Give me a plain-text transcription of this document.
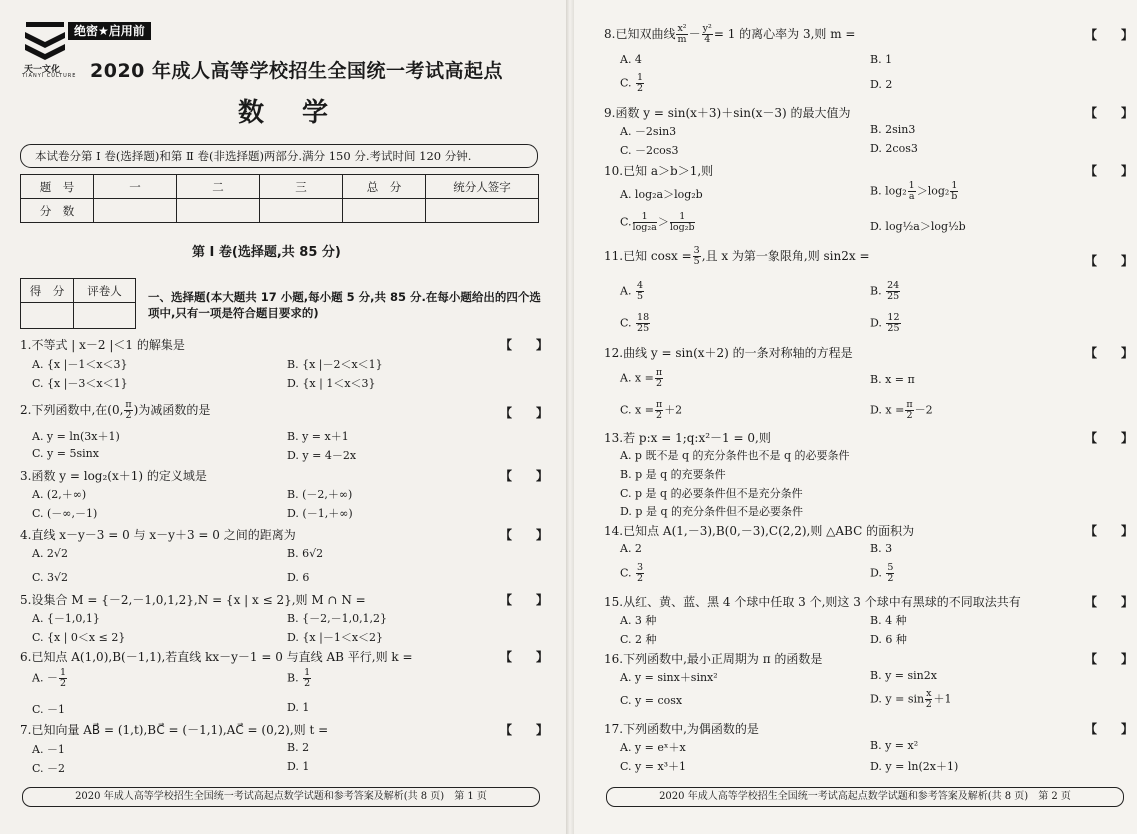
天一文化
TIANYI CULTURE
绝密★启用前
2020 年成人高等学校招生全国统一考试高起点
数学
本试卷分第 Ⅰ 卷(选择题)和第 Ⅱ 卷(非选择题)两部分.满分 150 分.考试时间 120 分钟.
题　号	一	二	三	总　分	统分人签字
分　数					
第 Ⅰ 卷(选择题,共 85 分)
得　分	评卷人
	一、选择题(本大题共 17 小题,每小题 5 分,共 85 分.在每小题给出的四个选项中,只有一项是符合题目要求的)
1.不等式 | x－2 |＜1 的解集是	【　　】
A. {x |－1＜x＜3}	B. {x |－2＜x＜1}
C. {x |－3＜x＜1}	D. {x | 1＜x＜3}
2.下列函数中,在(0, $\frac{\pi}{2}$ )为减函数的是	【　　】
A. y = ln(3x＋1)	B. y = x＋1
C. y = 5sinx	D. y = 4－2x
3.函数 y = log₂(x＋1) 的定义域是	【　　】
A. (2,＋∞)	B. (－2,＋∞)
C. (－∞,－1)	D. (－1,＋∞)
4.直线 x－y－3 = 0 与 x－y＋3 = 0 之间的距离为	【　　】
A. 2√2	B. 6√2
C. 3√2	D. 6
5.设集合 M = {－2,－1,0,1,2},N = {x | x ≤ 2},则 M ∩ N =	【　　】
A. {－1,0,1}	B. {－2,－1,0,1,2}
C. {x | 0＜x ≤ 2}	D. {x |－1＜x＜2}
6.已知点 A(1,0),B(－1,1),若直线 kx－y－1 = 0 与直线 AB 平行,则 k =	【　　】
A. － $\frac{1}{2}$	B. $\frac{1}{2}$
C. －1	D. 1
7.已知向量 AB⃗ = (1,t),BC⃗ = (－1,1),AC⃗ = (0,2),则 t =	【　　】
A. －1	B. 2
C. －2	D. 1
2020 年成人高等学校招生全国统一考试高起点数学试题和参考答案及解析(共 8 页)　第 1 页
8.已知双曲线 $\frac{\text{x²}}{m} - \frac{\text{y²}}{4} = 1$ 的离心率为 3,则 m =	【　　】
A. 4	B. 1
C. $\frac{1}{2}$	D. 2
9.函数 y = sin(x＋3)＋sin(x－3) 的最大值为	【　　】
A. －2sin3	B. 2sin3
C. －2cos3	D. 2cos3
10.已知 a＞b＞1,则	【　　】
A. log₂a＞log₂b	B. $\log_2 \frac{1}{a} >\log_2 \frac{1}{b}$
C. $\frac{1}{\text{log₂a}} > \frac{1}{\text{log₂b}}$	D. log½a＞log½b
11.已知 $\cos x = \frac{3}{5}$ ,且 x 为第一象限角,则 sin2x =	【　　】
A. $\frac{4}{5}$	B. $\frac{24}{25}$
C. $\frac{18}{25}$	D. $\frac{12}{25}$
12.曲线 y = sin(x＋2) 的一条对称轴的方程是	【　　】
A. $x = \frac{\pi}{2}$	B. x = π
C. $x = \frac{\pi}{2} +2$	D. $x = \frac{\pi}{2} -2$
13.若 p:x = 1;q:x²－1 = 0,则	【　　】
A. p 既不是 q 的充分条件也不是 q 的必要条件
B. p 是 q 的充要条件
C. p 是 q 的必要条件但不是充分条件
D. p 是 q 的充分条件但不是必要条件
14.已知点 A(1,－3),B(0,－3),C(2,2),则 △ABC 的面积为	【　　】
A. 2	B. 3
C. $\frac{3}{2}$	D. $\frac{5}{2}$
15.从红、黄、蓝、黑 4 个球中任取 3 个,则这 3 个球中有黑球的不同取法共有	【　　】
A. 3 种	B. 4 种
C. 2 种	D. 6 种
16.下列函数中,最小正周期为 π 的函数是	【　　】
A. y = sinx＋sinx²	B. y = sin2x
C. y = cosx	D. $y = \sin \frac{x}{2} +1$
17.下列函数中,为偶函数的是	【　　】
A. y = eˣ＋x	B. y = x²
C. y = x³＋1	D. y = ln(2x＋1)
2020 年成人高等学校招生全国统一考试高起点数学试题和参考答案及解析(共 8 页)　第 2 页
